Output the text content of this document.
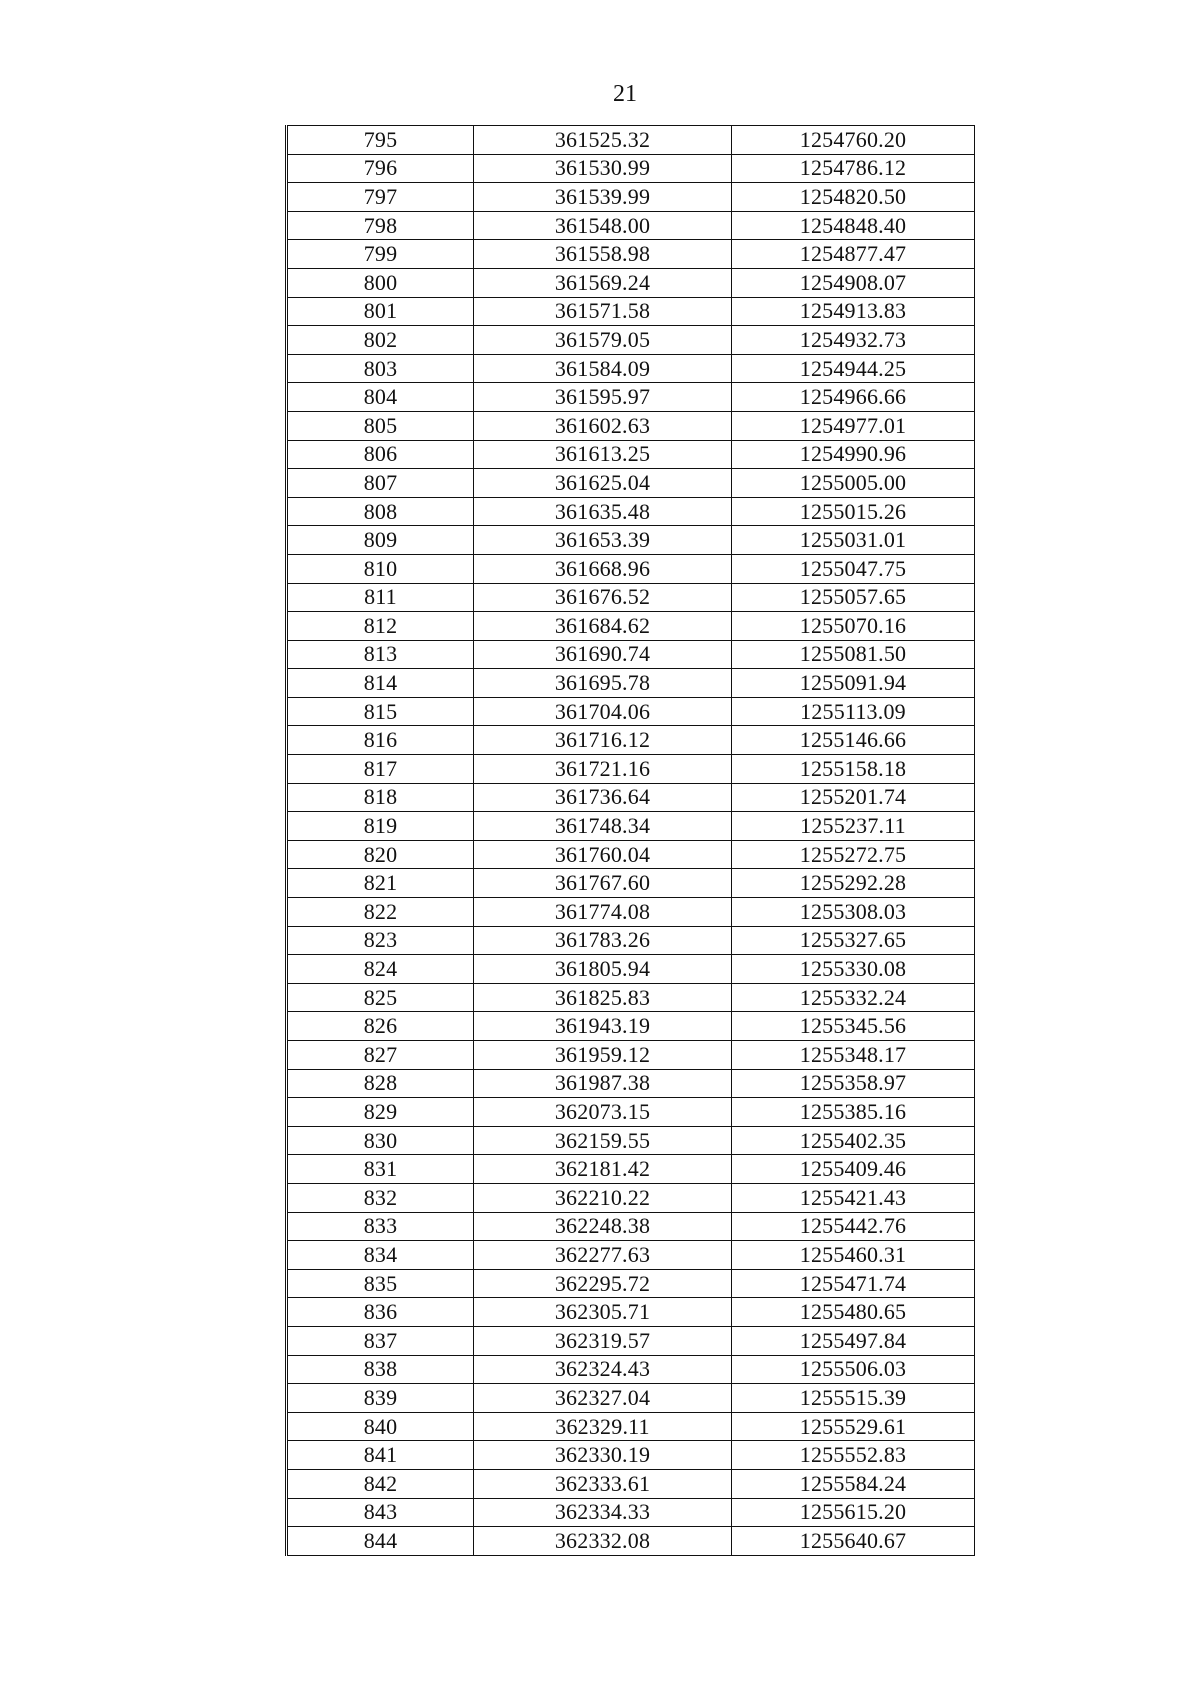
21
795	361525.32	1254760.20
796	361530.99	1254786.12
797	361539.99	1254820.50
798	361548.00	1254848.40
799	361558.98	1254877.47
800	361569.24	1254908.07
801	361571.58	1254913.83
802	361579.05	1254932.73
803	361584.09	1254944.25
804	361595.97	1254966.66
805	361602.63	1254977.01
806	361613.25	1254990.96
807	361625.04	1255005.00
808	361635.48	1255015.26
809	361653.39	1255031.01
810	361668.96	1255047.75
811	361676.52	1255057.65
812	361684.62	1255070.16
813	361690.74	1255081.50
814	361695.78	1255091.94
815	361704.06	1255113.09
816	361716.12	1255146.66
817	361721.16	1255158.18
818	361736.64	1255201.74
819	361748.34	1255237.11
820	361760.04	1255272.75
821	361767.60	1255292.28
822	361774.08	1255308.03
823	361783.26	1255327.65
824	361805.94	1255330.08
825	361825.83	1255332.24
826	361943.19	1255345.56
827	361959.12	1255348.17
828	361987.38	1255358.97
829	362073.15	1255385.16
830	362159.55	1255402.35
831	362181.42	1255409.46
832	362210.22	1255421.43
833	362248.38	1255442.76
834	362277.63	1255460.31
835	362295.72	1255471.74
836	362305.71	1255480.65
837	362319.57	1255497.84
838	362324.43	1255506.03
839	362327.04	1255515.39
840	362329.11	1255529.61
841	362330.19	1255552.83
842	362333.61	1255584.24
843	362334.33	1255615.20
844	362332.08	1255640.67
